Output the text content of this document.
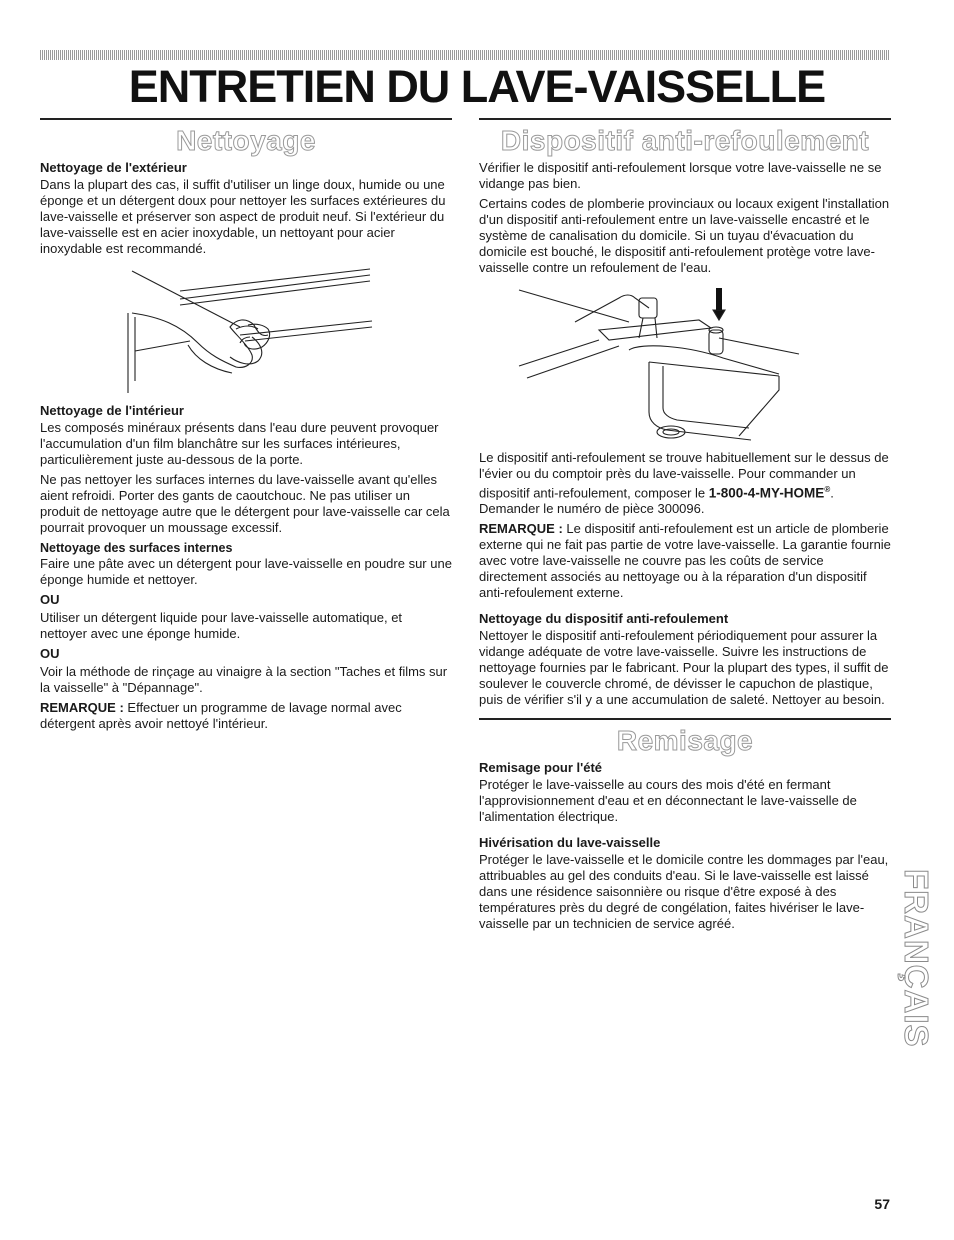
ENTRETIEN DU LAVE-VAISSELLE
Nettoyage
Nettoyage de l'extérieur

Dans la plupart des cas, il suffit d'utiliser un linge doux, humide ou une éponge et un détergent doux pour nettoyer les surfaces extérieures du lave-vaisselle et préserver son aspect de produit neuf. Si l'extérieur du lave-vaisselle est en acier inoxydable, un nettoyant pour acier inoxydable est recommandé.

Nettoyage de l'intérieur

Les composés minéraux présents dans l'eau dure peuvent provoquer l'accumulation d'un film blanchâtre sur les surfaces intérieures, particulièrement juste au-dessous de la porte.

Ne pas nettoyer les surfaces internes du lave-vaisselle avant qu'elles aient refroidi. Porter des gants de caoutchouc. Ne pas utiliser un produit de nettoyage autre que le détergent pour lave-vaisselle car cela pourrait provoquer un moussage excessif.

Nettoyage des surfaces internes

Faire une pâte avec un détergent pour lave-vaisselle en poudre sur une éponge humide et nettoyer.

OU

Utiliser un détergent liquide pour lave-vaisselle automatique, et nettoyer avec une éponge humide.

OU

Voir la méthode de rinçage au vinaigre à la section "Taches et films sur la vaisselle" à "Dépannage".

REMARQUE : Effectuer un programme de lavage normal avec détergent après avoir nettoyé l'intérieur.

Dispositif anti-refoulement

Vérifier le dispositif anti-refoulement lorsque votre lave-vaisselle ne se vidange pas bien.

Certains codes de plomberie provinciaux ou locaux exigent l'installation d'un dispositif anti-refoulement entre un lave-vaisselle encastré et le système de canalisation du domicile. Si un tuyau d'évacuation du domicile est bouché, le dispositif anti-refoulement protège votre lave-vaisselle contre un refoulement de l'eau.

Le dispositif anti-refoulement se trouve habituellement sur le dessus de l'évier ou du comptoir près du lave-vaisselle. Pour commander un dispositif anti-refoulement, composer le 1-800-4-MY-HOME®. Demander le numéro de pièce 300096.

REMARQUE : Le dispositif anti-refoulement est un article de plomberie externe qui ne fait pas partie de votre lave-vaisselle. La garantie fournie avec votre lave-vaisselle ne couvre pas les coûts de service directement associés au nettoyage ou à la réparation d'un dispositif anti-refoulement externe.

Nettoyage du dispositif anti-refoulement

Nettoyer le dispositif anti-refoulement périodiquement pour assurer la vidange adéquate de votre lave-vaisselle. Suivre les instructions de nettoyage fournies par le fabricant. Pour la plupart des types, il suffit de soulever le couvercle chromé, de dévisser le capuchon de plastique, puis de vérifier s'il y a une accumulation de saleté. Nettoyer au besoin.

Remisage
Remisage pour l'été

Protéger le lave-vaisselle au cours des mois d'été en fermant l'approvisionnement d'eau et en déconnectant le lave-vaisselle de l'alimentation électrique.

Hivérisation du lave-vaisselle

Protéger le lave-vaisselle et le domicile contre les dommages par l'eau, attribuables au gel des conduits d'eau. Si le lave-vaisselle est laissé dans une résidence saisonnière ou risque d'être exposé à des températures près du degré de congélation, faites hivériser le lave-vaisselle par un technicien de service agréé.	FRANÇAIS
57
